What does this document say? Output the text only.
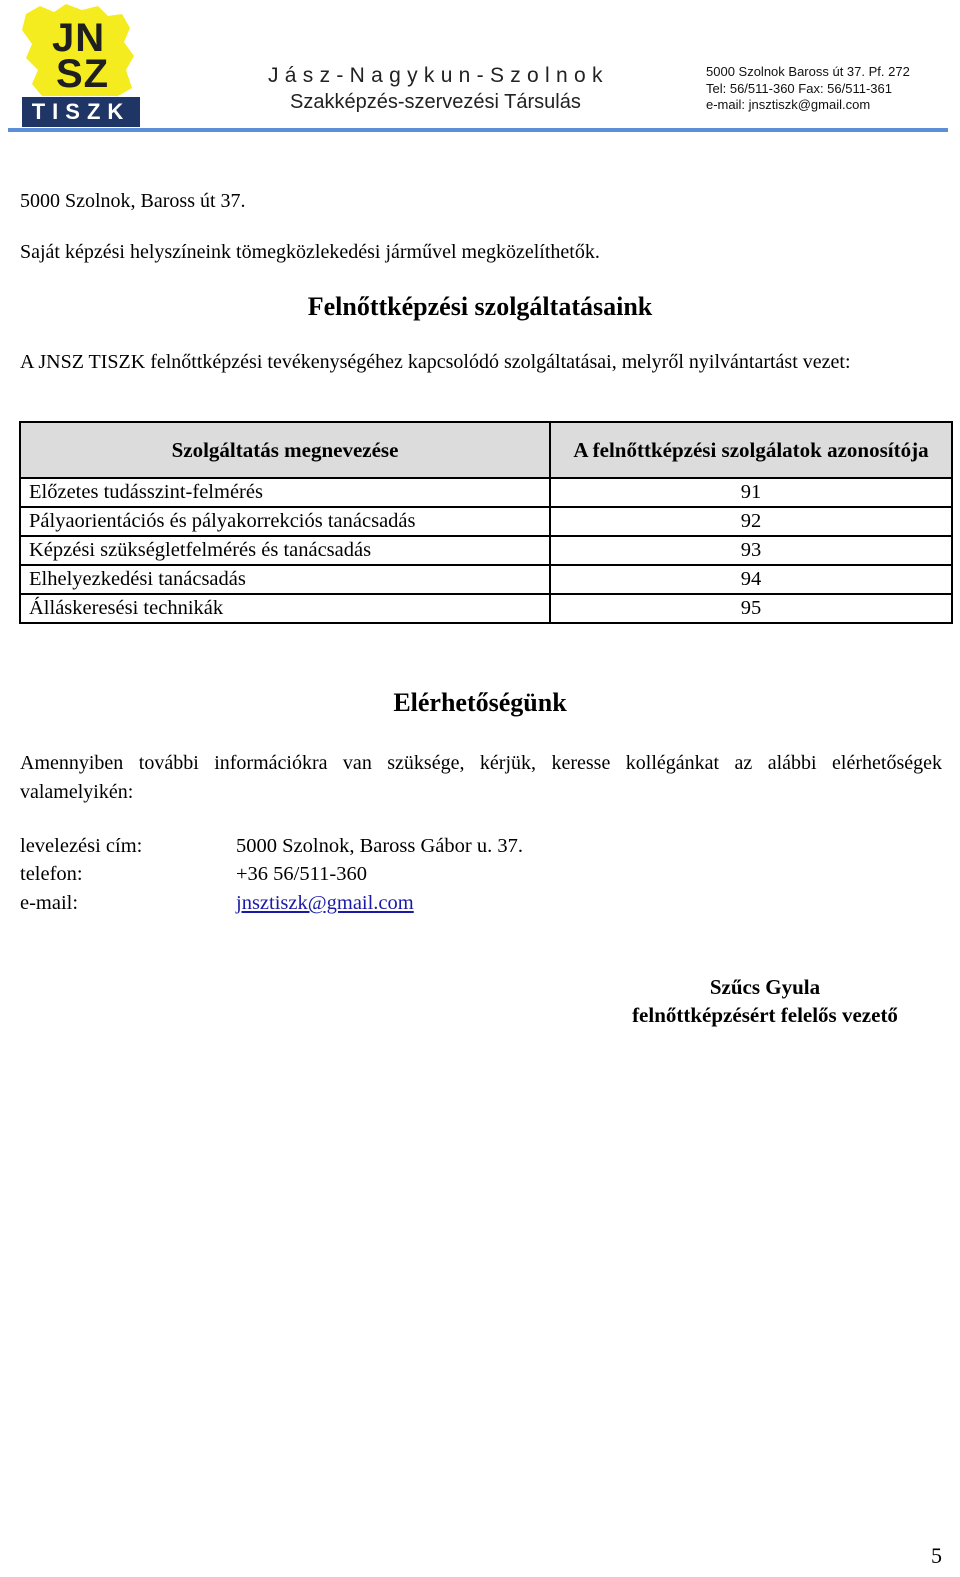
JN
SZ
TISZK
Jász-Nagykun-Szolnok
Szakképzés-szervezési Társulás
5000 Szolnok Baross út 37. Pf. 272
Tel: 56/511-360 Fax: 56/511-361
e-mail: jnsztiszk@gmail.com
5000 Szolnok, Baross út 37.
Saját képzési helyszíneink tömegközlekedési járművel megközelíthetők.
Felnőttképzési szolgáltatásaink
A JNSZ TISZK felnőttképzési tevékenységéhez kapcsolódó szolgáltatásai, melyről nyilvántartást vezet:
Szolgáltatás megnevezése	A felnőttképzési szolgálatok azonosítója
Előzetes tudásszint-felmérés	91
Pályaorientációs és pályakorrekciós tanácsadás	92
Képzési szükségletfelmérés és tanácsadás	93
Elhelyezkedési tanácsadás	94
Álláskeresési technikák	95
Elérhetőségünk
Amennyiben további információkra van szüksége, kérjük, keresse kollégánkat az alábbi elérhetőségek valamelyikén:
levelezési cím:	5000 Szolnok, Baross Gábor u. 37.
telefon:	+36 56/511-360
e-mail:	jnsztiszk@gmail.com
Szűcs Gyula
felnőttképzésért felelős vezető
5
